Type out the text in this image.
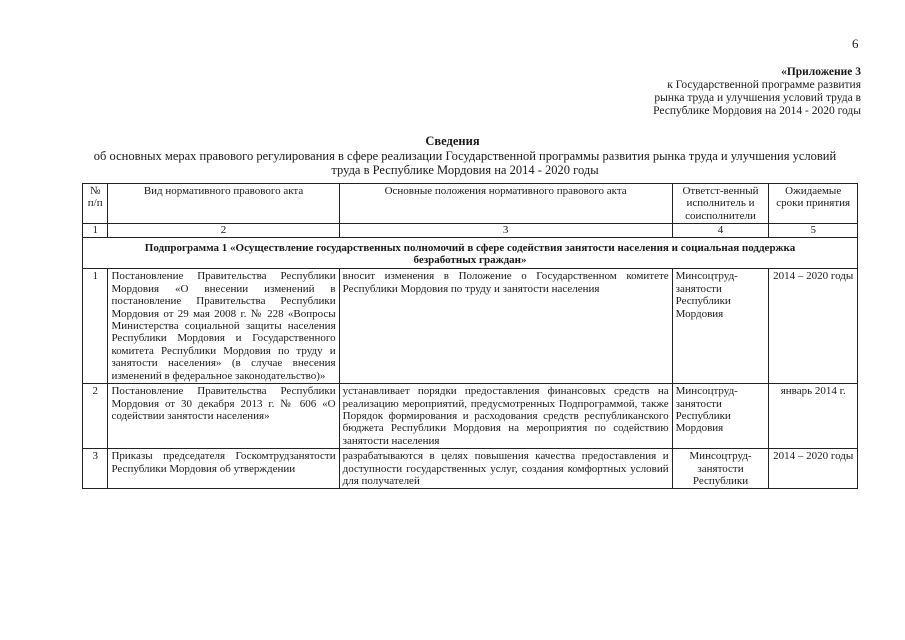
6
«Приложение 3
к Государственной программе развития
рынка труда и улучшения условий труда в
Республике Мордовия на 2014 - 2020 годы
Сведения
об основных мерах правового регулирования в сфере реализации Государственной программы развития рынка труда и улучшения условий труда в Республике Мордовия на 2014 - 2020 годы
№ п/п	Вид нормативного правового акта	Основные положения нормативного правового акта	Ответст-венный исполнитель и соисполнители	Ожидаемые сроки принятия
1	2	3	4	5
Подпрограмма 1 «Осуществление государственных полномочий в сфере содействия занятости населения и социальная поддержка безработных граждан»				
1	Постановление Правительства Республики Мордовия «О внесении изменений в постановление Правительства Республики Мордовия от 29 мая 2008 г. № 228 «Вопросы Министерства социальной защиты населения Республики Мордовия и Государственного комитета Республики Мордовия по труду и занятости населения» (в случае внесения изменений в федеральное законодательство)»	вносит изменения в Положение о Государственном комитете Республики Мордовия по труду и занятости населения	Минсоцтруд-занятости Республики Мордовия	2014 – 2020 годы
2	Постановление Правительства Республики Мордовия от 30 декабря 2013 г. № 606 «О содействии занятости населения»	устанавливает порядки предоставления финансовых средств на реализацию мероприятий, предусмотренных Подпрограммой, также Порядок формирования и расходования средств республиканского бюджета Республики Мордовия на мероприятия по содействию занятости населения	Минсоцтруд-занятости Республики Мордовия	январь 2014 г.
3	Приказы председателя Госкомтрудзанятости Республики Мордовия об утверждении	разрабатываются в целях повышения качества предоставления и доступности государственных услуг, создания комфортных условий для получателей	Минсоцтруд-занятости Республики	2014 – 2020 годы
